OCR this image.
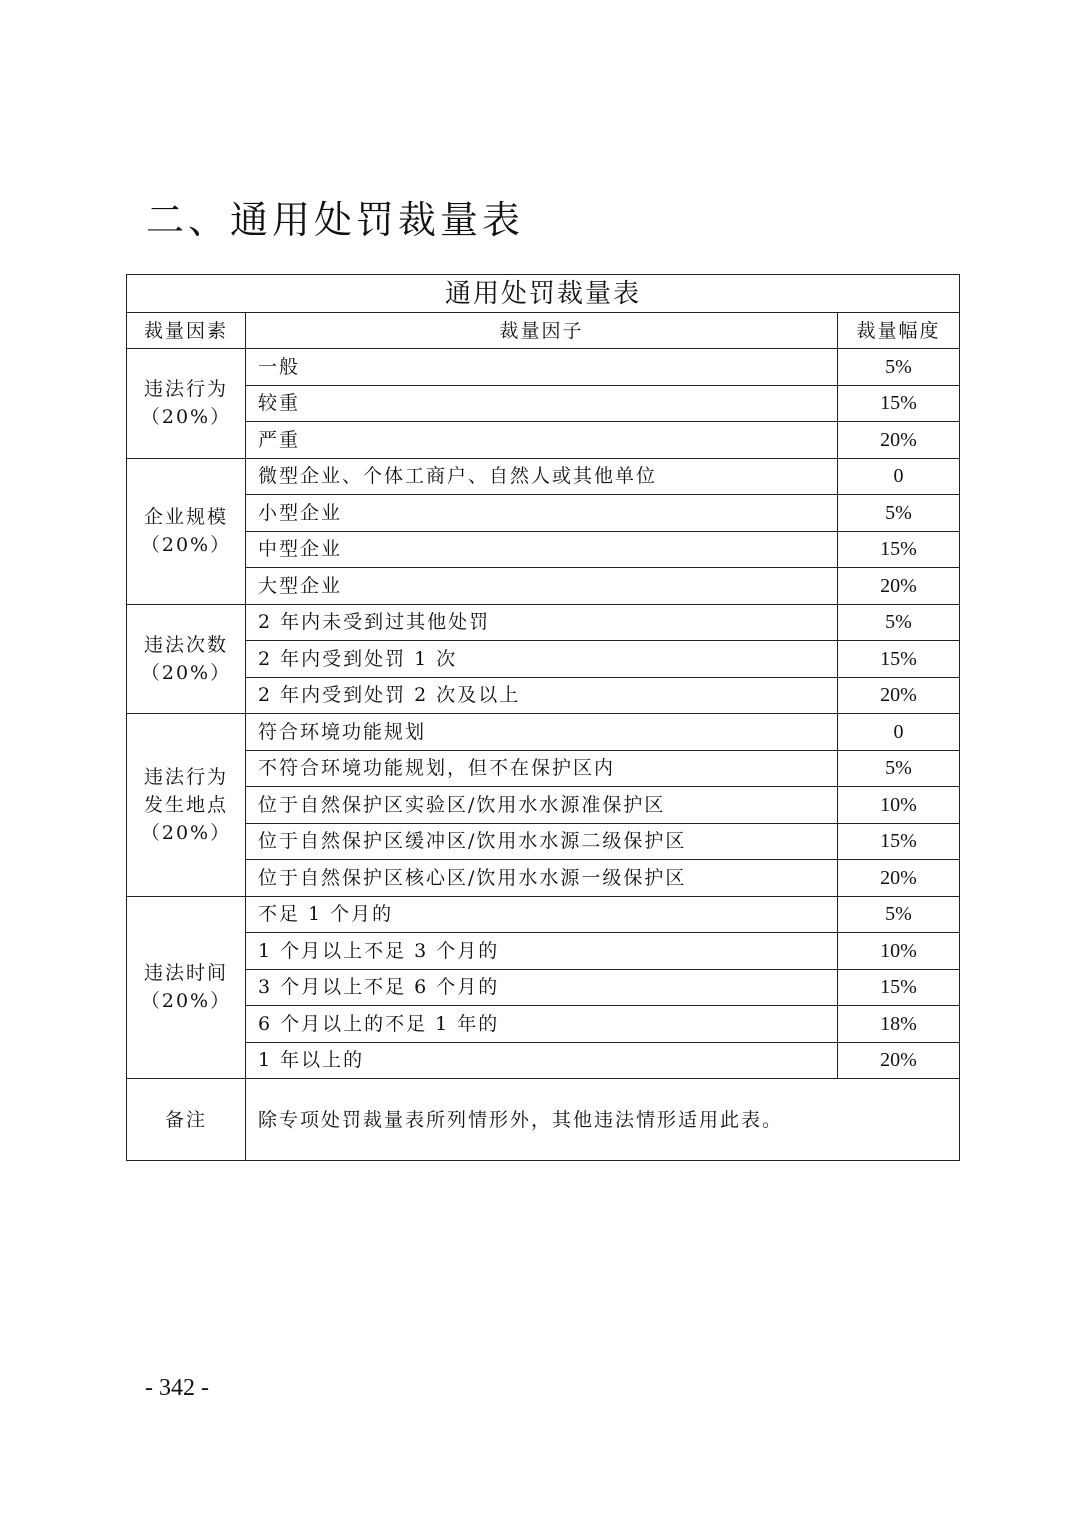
二、通用处罚裁量表
通用处罚裁量表		
裁量因素	裁量因子	裁量幅度

违法行为
（20%）	一般	5%
	较重	15%
	严重	20%

企业规模
（20%）	微型企业、个体工商户、自然人或其他单位	0
	小型企业	5%
	中型企业	15%
	大型企业	20%

违法次数
（20%）	2 年内未受到过其他处罚	5%
	2 年内受到处罚 1 次	15%
	2 年内受到处罚 2 次及以上	20%

违法行为
发生地点
（20%）	符合环境功能规划	0
	不符合环境功能规划，但不在保护区内	5%
	位于自然保护区实验区/饮用水水源准保护区	10%
	位于自然保护区缓冲区/饮用水水源二级保护区	15%
	位于自然保护区核心区/饮用水水源一级保护区	20%

违法时间
（20%）	不足 1 个月的	5%
	1 个月以上不足 3 个月的	10%
	3 个月以上不足 6 个月的	15%
	6 个月以上的不足 1 年的	18%
	1 年以上的	20%
备注	除专项处罚裁量表所列情形外，其他违法情形适用此表。	
- 342 -
